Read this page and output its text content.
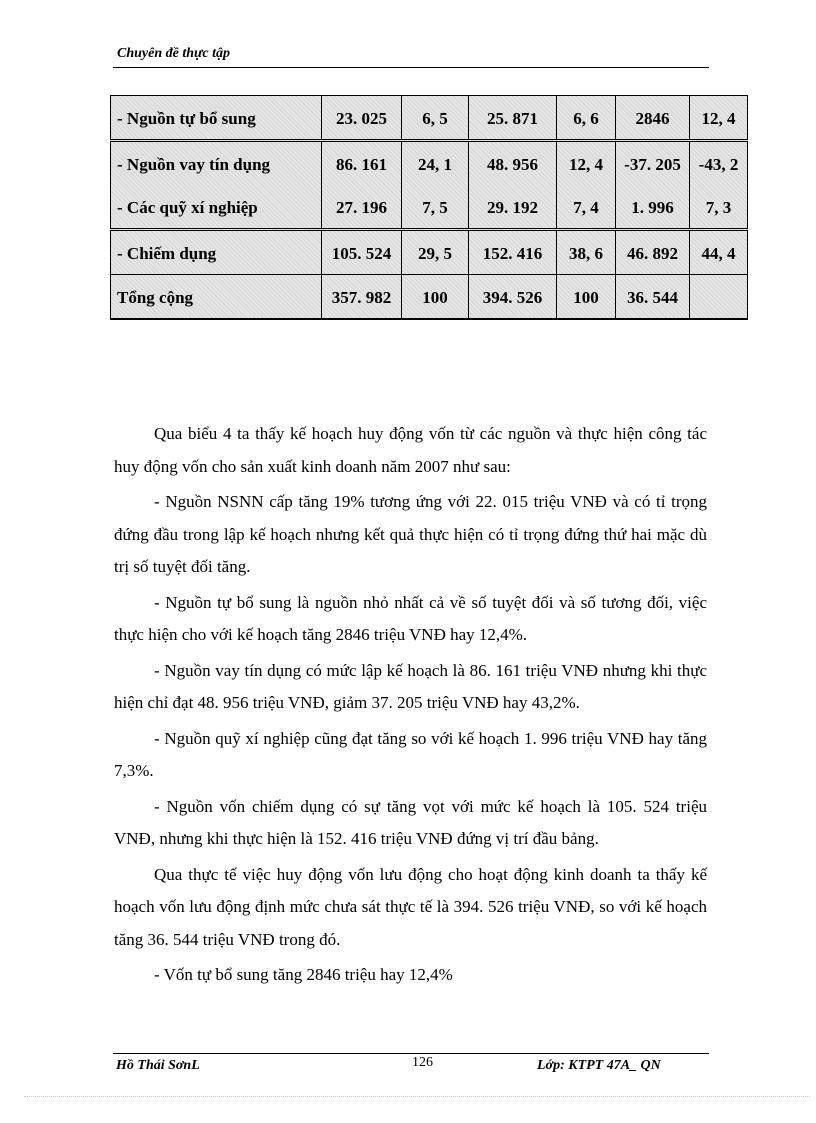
Chuyên đề thực tập
- Nguồn tự bổ sung	23. 025	6, 5	25. 871	6, 6	2846	12, 4
- Nguồn vay tín dụng	86. 161	24, 1	48. 956	12, 4	-37. 205	-43, 2
- Các quỹ xí nghiệp	27. 196	7, 5	29. 192	7, 4	1. 996	7, 3
- Chiếm dụng	105. 524	29, 5	152. 416	38, 6	46. 892	44, 4
Tổng cộng	357. 982	100	394. 526	100	36. 544	

Qua biểu 4 ta thấy kế hoạch huy động vốn từ các nguồn và thực hiện công tác huy động vốn cho sản xuất kinh doanh năm 2007 như sau:

- Nguồn NSNN cấp tăng 19% tương ứng với 22. 015 triệu VNĐ và có tỉ trọng đứng đầu trong lập kế hoạch nhưng kết quả thực hiện có tỉ trọng đứng thứ hai mặc dù trị số tuyệt đối tăng.

- Nguồn tự bổ sung là nguồn nhỏ nhất cả về số tuyệt đối và số tương đối, việc thực hiện cho với kế hoạch tăng 2846 triệu VNĐ hay 12,4%.

- Nguồn vay tín dụng có mức lập kế hoạch là 86. 161 triệu VNĐ nhưng khi thực hiện chỉ đạt 48. 956 triệu VNĐ, giảm 37. 205 triệu VNĐ hay 43,2%.

- Nguồn quỹ xí nghiệp cũng đạt tăng so với kế hoạch 1. 996 triệu VNĐ hay tăng 7,3%.

- Nguồn vốn chiếm dụng có sự tăng vọt với mức kế hoạch là 105. 524 triệu VNĐ, nhưng khi thực hiện là 152. 416 triệu VNĐ đứng vị trí đầu bảng.

Qua thực tế việc huy động vốn lưu động cho hoạt động kinh doanh ta thấy kế hoạch vốn lưu động định mức chưa sát thực tế là 394. 526 triệu VNĐ, so với kế hoạch tăng 36. 544 triệu VNĐ trong đó.

- Vốn tự bổ sung tăng 2846 triệu hay 12,4%

Hồ Thái SơnL	126	Lớp: KTPT 47A_ QN
